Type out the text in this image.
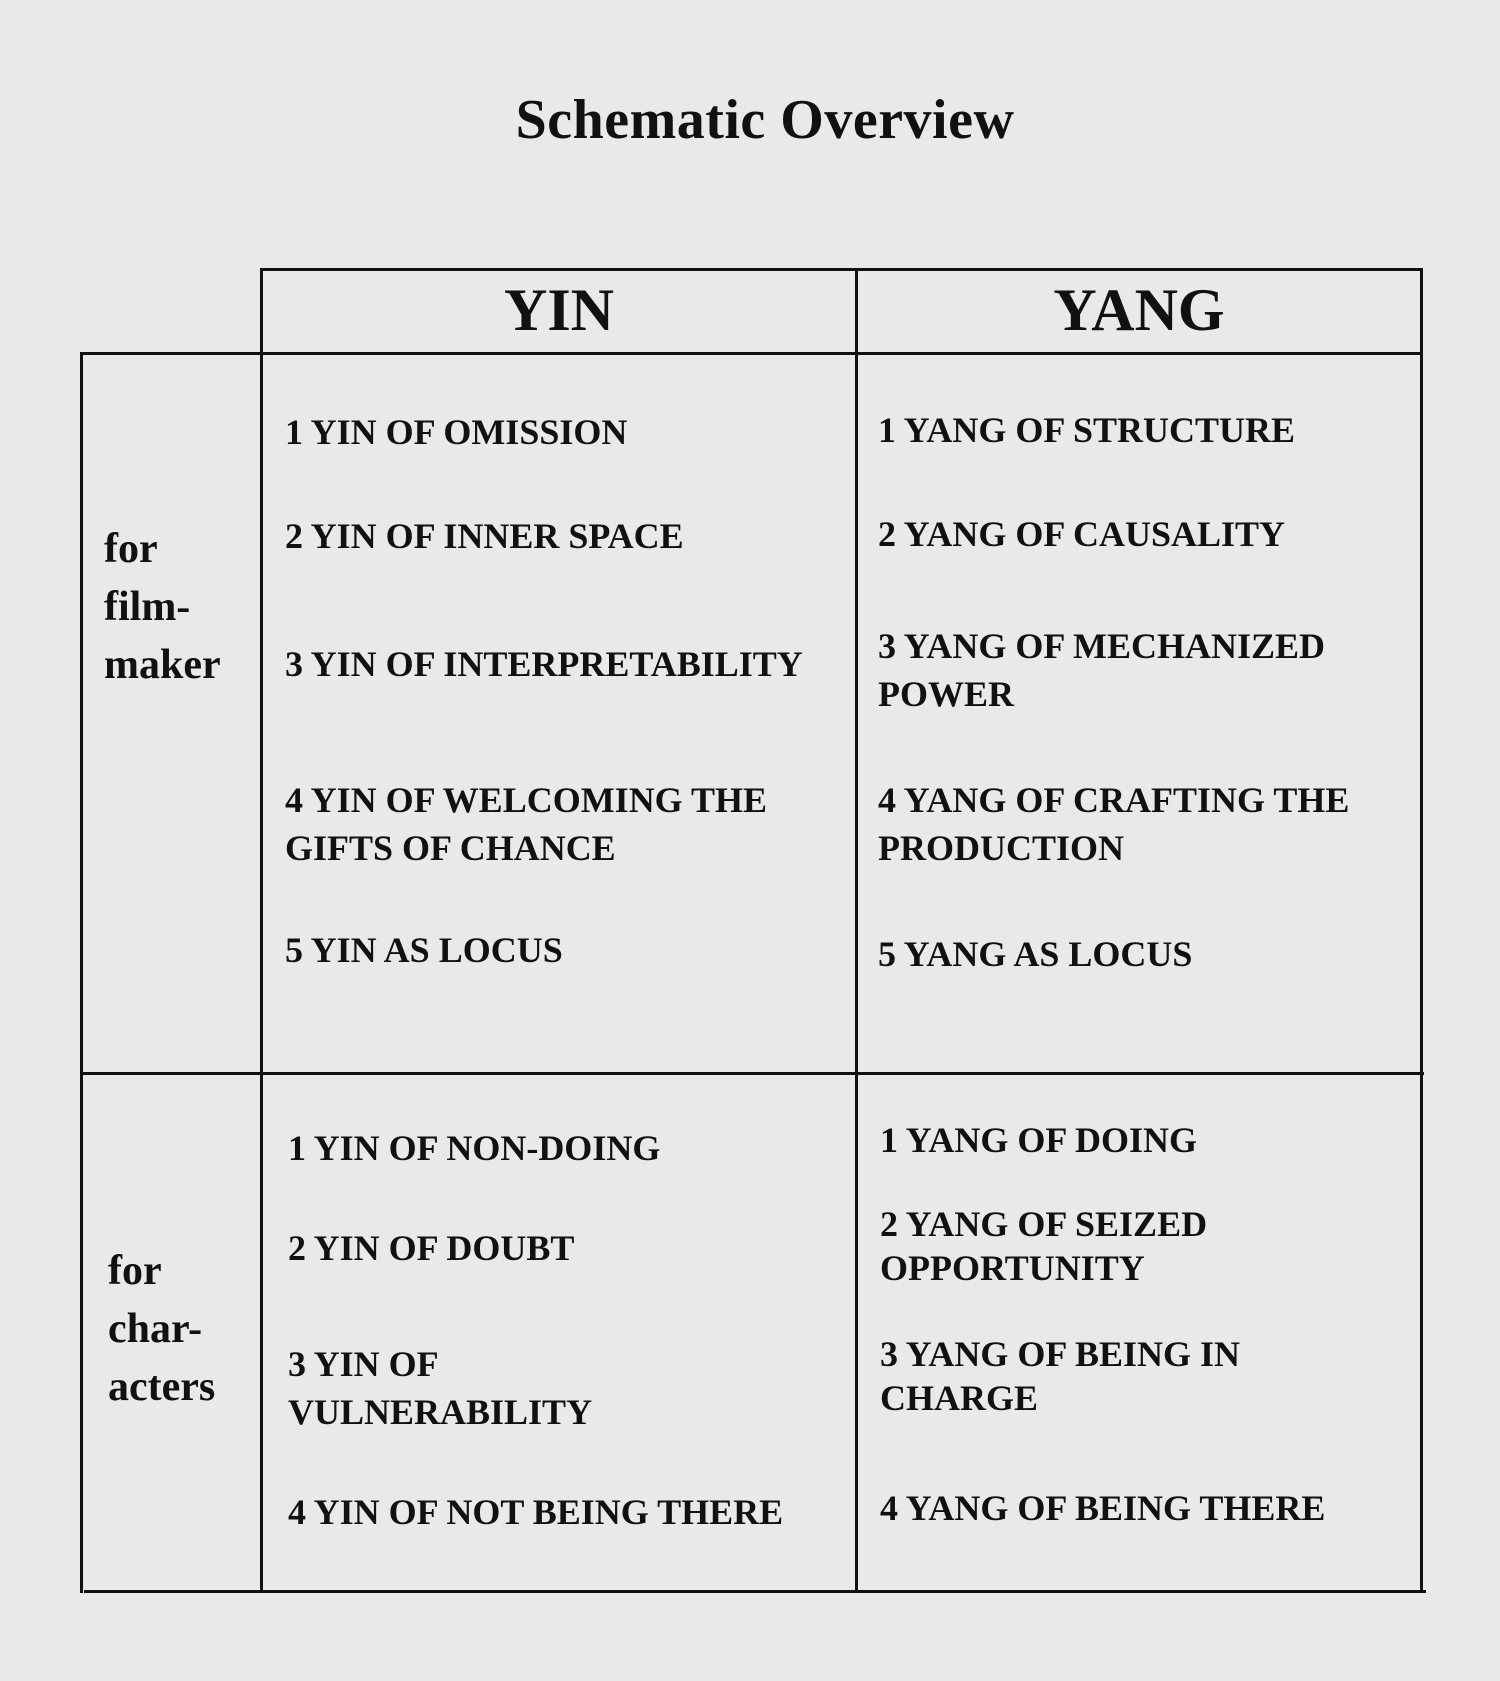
Schematic Overview
YIN	YANG
for
film-
maker
for
char-
acters
1 YIN OF OMISSION
2 YIN OF INNER SPACE
3 YIN OF INTERPRETABILITY
4 YIN OF WELCOMING THE
GIFTS OF CHANCE
5 YIN AS LOCUS
1 YANG OF STRUCTURE
2 YANG OF CAUSALITY
3 YANG OF MECHANIZED
POWER
4 YANG OF CRAFTING THE
PRODUCTION
5 YANG AS LOCUS
1 YIN OF NON-DOING
2 YIN OF DOUBT
3 YIN OF
VULNERABILITY
4 YIN OF NOT BEING THERE
1 YANG OF DOING
2 YANG OF SEIZED
OPPORTUNITY
3 YANG OF BEING IN
CHARGE
4 YANG OF BEING THERE
